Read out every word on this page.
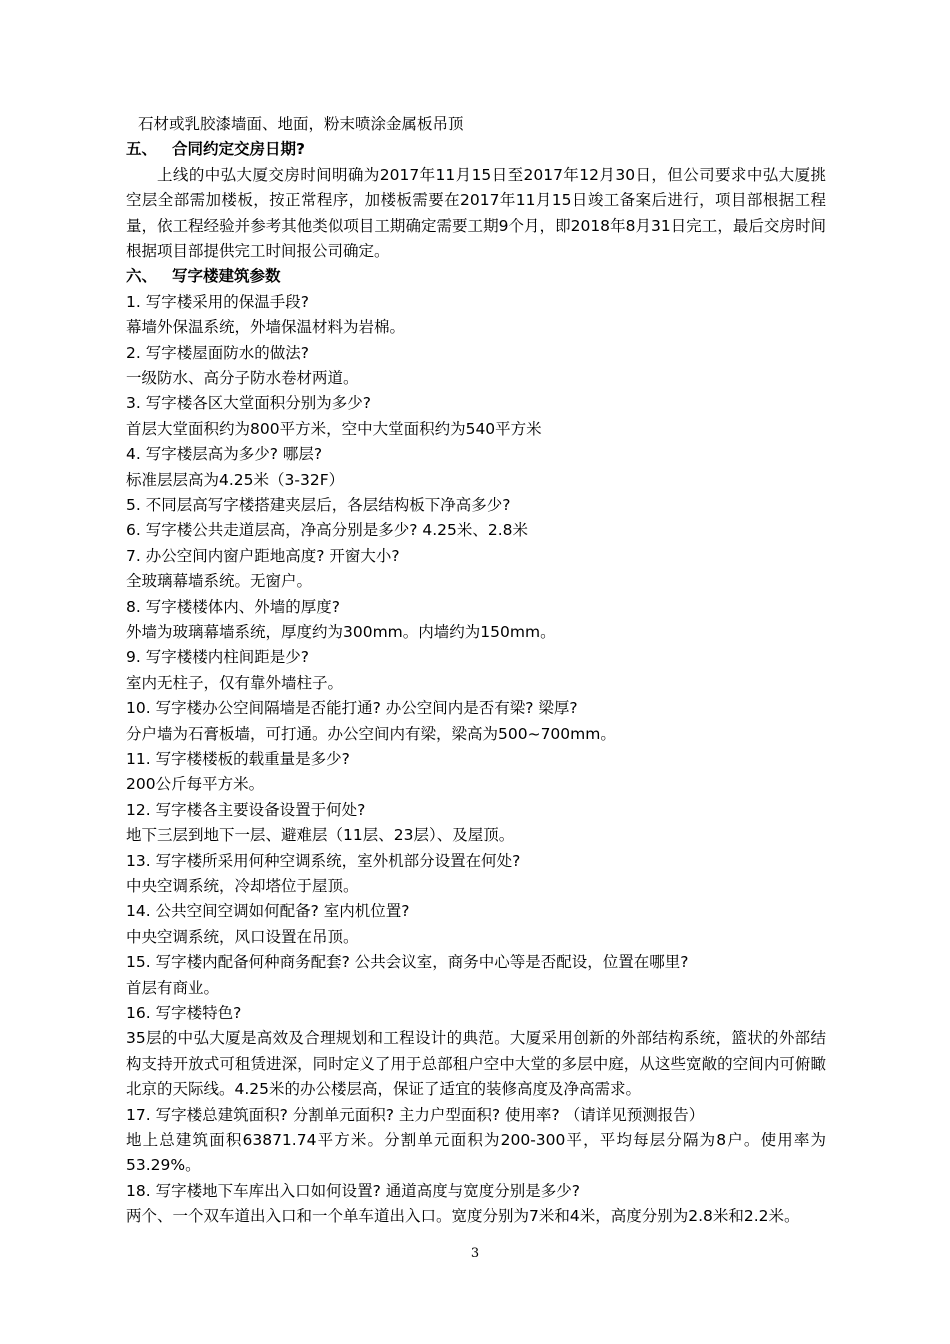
石材或乳胶漆墙面、地面，粉末喷涂金属板吊顶
五、 合同约定交房日期?
上线的中弘大厦交房时间明确为2017年11月15日至2017年12月30日，但公司要求中弘大厦挑空层全部需加楼板，按正常程序，加楼板需要在2017年11月15日竣工备案后进行，项目部根据工程量，依工程经验并参考其他类似项目工期确定需要工期9个月，即2018年8月31日完工，最后交房时间根据项目部提供完工时间报公司确定。
六、 写字楼建筑参数
1. 写字楼采用的保温手段?
幕墙外保温系统，外墙保温材料为岩棉。
2. 写字楼屋面防水的做法?
一级防水、高分子防水卷材两道。
3. 写字楼各区大堂面积分别为多少?
首层大堂面积约为800平方米，空中大堂面积约为540平方米
4. 写字楼层高为多少? 哪层?
标准层层高为4.25米（3-32F）
5. 不同层高写字楼搭建夹层后，各层结构板下净高多少?
6. 写字楼公共走道层高，净高分别是多少? 4.25米、2.8米
7. 办公空间内窗户距地高度? 开窗大小?
全玻璃幕墙系统。无窗户。
8. 写字楼楼体内、外墙的厚度?
外墙为玻璃幕墙系统，厚度约为300mm。内墙约为150mm。
9. 写字楼楼内柱间距是少?
室内无柱子，仅有靠外墙柱子。
10. 写字楼办公空间隔墙是否能打通? 办公空间内是否有梁? 梁厚?
分户墙为石膏板墙，可打通。办公空间内有梁，梁高为500~700mm。
11. 写字楼楼板的载重量是多少?
200公斤每平方米。
12. 写字楼各主要设备设置于何处?
地下三层到地下一层、避难层（11层、23层）、及屋顶。
13. 写字楼所采用何种空调系统，室外机部分设置在何处?
中央空调系统，冷却塔位于屋顶。
14. 公共空间空调如何配备? 室内机位置?
中央空调系统，风口设置在吊顶。
15. 写字楼内配备何种商务配套? 公共会议室，商务中心等是否配设，位置在哪里?
首层有商业。
16. 写字楼特色?
35层的中弘大厦是高效及合理规划和工程设计的典范。大厦采用创新的外部结构系统，篮状的外部结构支持开放式可租赁进深，同时定义了用于总部租户空中大堂的多层中庭，从这些宽敞的空间内可俯瞰北京的天际线。4.25米的办公楼层高，保证了适宜的装修高度及净高需求。
17. 写字楼总建筑面积? 分割单元面积? 主力户型面积? 使用率? （请详见预测报告）
地上总建筑面积63871.74平方米。分割单元面积为200-300平，平均每层分隔为8户。使用率为53.29%。
18. 写字楼地下车库出入口如何设置? 通道高度与宽度分别是多少?
两个、一个双车道出入口和一个单车道出入口。宽度分别为7米和4米，高度分别为2.8米和2.2米。
3
